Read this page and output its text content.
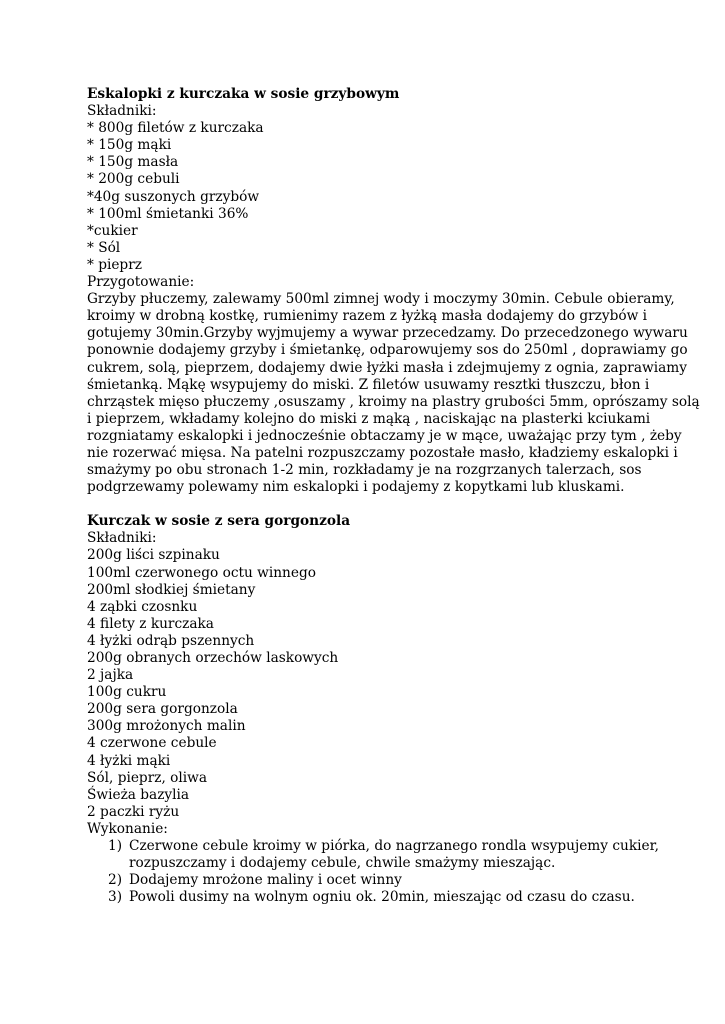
Eskalopki z kurczaka w sosie grzybowym
Składniki:
* 800g filetów z kurczaka
* 150g mąki
* 150g masła
* 200g cebuli
*40g suszonych grzybów
* 100ml śmietanki 36%
*cukier
* Sól
* pieprz
Przygotowanie:
Grzyby płuczemy, zalewamy 500ml zimnej wody i moczymy 30min. Cebule obieramy,
kroimy w drobną kostkę, rumienimy razem z łyżką masła dodajemy do grzybów i
gotujemy 30min.Grzyby wyjmujemy a wywar przecedzamy. Do przecedzonego wywaru
ponownie dodajemy grzyby i śmietankę, odparowujemy sos do 250ml , doprawiamy go
cukrem, solą, pieprzem, dodajemy dwie łyżki masła i zdejmujemy z ognia, zaprawiamy
śmietanką. Mąkę wsypujemy do miski. Z filetów usuwamy resztki tłuszczu, błon i
chrząstek mięso płuczemy ,osuszamy , kroimy na plastry grubości 5mm, oprószamy solą
i pieprzem, wkładamy kolejno do miski z mąką , naciskając na plasterki kciukami
rozgniatamy eskalopki i jednocześnie obtaczamy je w mące, uważając przy tym , żeby
nie rozerwać mięsa. Na patelni rozpuszczamy pozostałe masło, kładziemy eskalopki i
smażymy po obu stronach 1-2 min, rozkładamy je na rozgrzanych talerzach, sos
podgrzewamy polewamy nim eskalopki i podajemy z kopytkami lub kluskami.
Kurczak w sosie z sera gorgonzola
Składniki:
200g liści szpinaku
100ml czerwonego octu winnego
200ml słodkiej śmietany
4 ząbki czosnku
4 filety z kurczaka
4 łyżki odrąb pszennych
200g obranych orzechów laskowych
2 jajka
100g cukru
200g sera gorgonzola
300g mrożonych malin
4 czerwone cebule
4 łyżki mąki
Sól, pieprz, oliwa
Świeża bazylia
2 paczki ryżu
Wykonanie:
1) Czerwone cebule kroimy w piórka, do nagrzanego rondla wsypujemy cukier,
rozpuszczamy i dodajemy cebule, chwile smażymy mieszając.
2) Dodajemy mrożone maliny i ocet winny
3) Powoli dusimy na wolnym ogniu ok. 20min, mieszając od czasu do czasu.
